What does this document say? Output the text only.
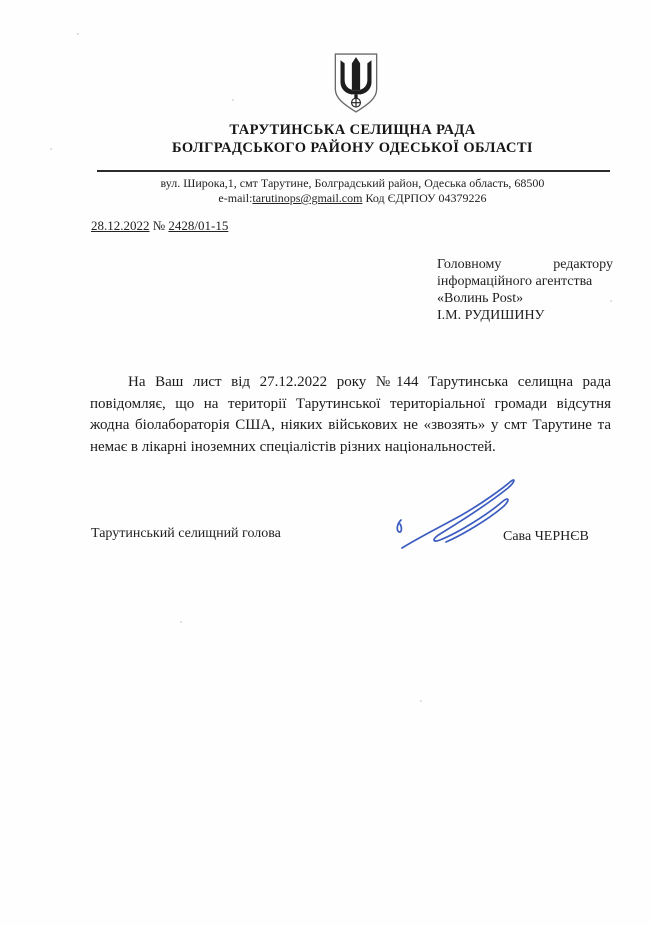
ТАРУТИНСЬКА СЕЛИЩНА РАДА
БОЛГРАДСЬКОГО РАЙОНУ ОДЕСЬКОЇ ОБЛАСТІ
вул. Широка,1, смт Тарутине, Болградський район, Одеська область, 68500
e-mail:tarutinops@gmail.com Код ЄДРПОУ 04379226
28.12.2022 № 2428/01-15
Головному редактору
інформаційного агентства
«Волинь Post»
І.М. РУДИШИНУ
На Ваш лист від 27.12.2022 року №144 Тарутинська селищна рада
повідомляє, що на території Тарутинської територіальної громади відсутня
жодна біолабораторія США, ніяких військових не «звозять» у смт Тарутине та
немає в лікарні іноземних спеціалістів різних національностей.
Тарутинський селищний голова	Сава ЧЕРНЄВ
